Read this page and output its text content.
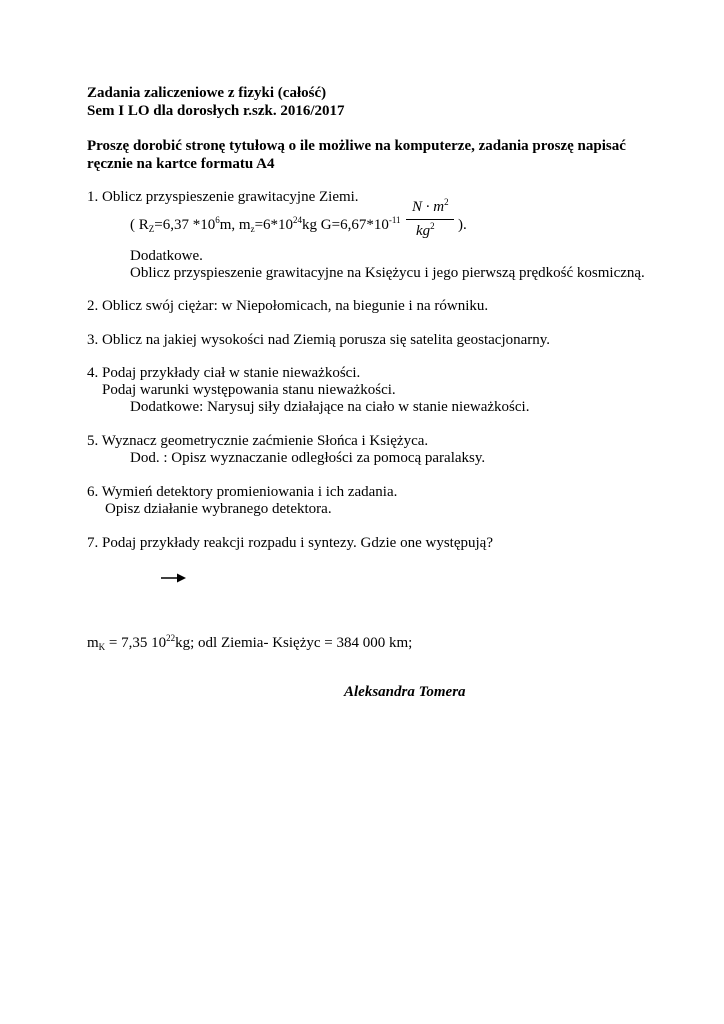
Zadania zaliczeniowe z fizyki (całość)
Sem I LO dla dorosłych r.szk. 2016/2017
Proszę dorobić stronę tytułową o ile możliwe na komputerze, zadania proszę napisać
ręcznie na kartce formatu A4
1. Oblicz przyspieszenie grawitacyjne Ziemi.
( $R_Z=6,37$ $*10^6m$, $m_z=6*10^{24}kg$ $G=6,67*10^{-11}$
$N \cdot m^2$
$kg^2$ ).
Dodatkowe.
Oblicz przyspieszenie grawitacyjne na Księżycu i jego pierwszą prędkość kosmiczną.
2. Oblicz swój ciężar: w Niepołomicach, na biegunie i na równiku.
3. Oblicz na jakiej wysokości nad Ziemią porusza się satelita geostacjonarny.
4. Podaj przykłady ciał w stanie nieważkości.
Podaj warunki występowania stanu nieważkości.
Dodatkowe: Narysuj siły działające na ciało w stanie nieważkości.
5. Wyznacz geometrycznie zaćmienie Słońca i Księżyca.
Dod. : Opisz wyznaczanie odległości za pomocą paralaksy.
6. Wymień detektory promieniowania i ich zadania.
Opisz działanie wybranego detektora.
7. Podaj przykłady reakcji rozpadu i syntezy. Gdzie one występują?
$m_K = 7,35$ $10^{22}kg$; odl Ziemia- Księżyc = 384 000 km;
Aleksandra Tomera
